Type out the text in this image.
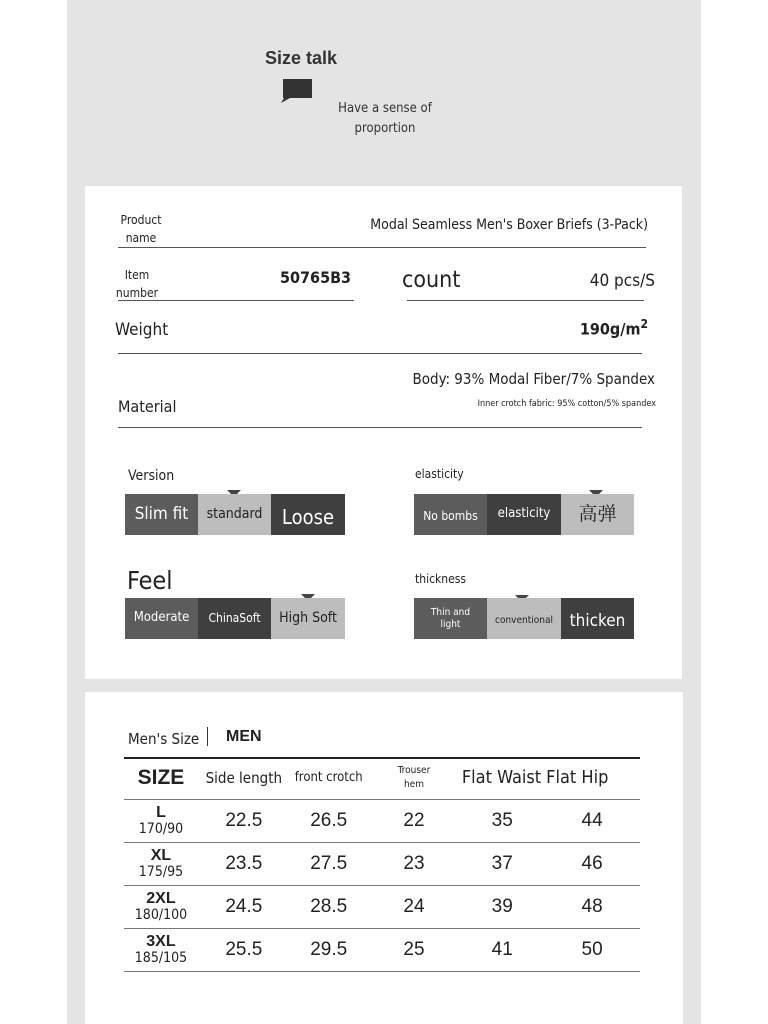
Size talk
Have a sense of proportion
Product name
Modal Seamless Men's Boxer Briefs (3-Pack)
Item number
50765B3 count	40 pcs/S
Weight	$190g/m^2$
Body: 93% Modal Fiber/7% Spandex
Material	Inner crotch fabric: 95% cotton/5% spandex
Version
Slim fit	standard Loose
elasticity
No bombs	elasticity	高弹
Feel
Moderate	ChinaSoft	High Soft
thickness
Thin and light	conventional thicken
Men's Size MEN
SIZE	Side length	front crotch	Trouser hem	Flat Waist	Flat Hip

L
170/90	22.5	26.5	22	35	44

XL
175/95	23.5	27.5	23	37	46

2XL
180/100	24.5	28.5	24	39	48

3XL
185/105	25.5	29.5	25	41	50
